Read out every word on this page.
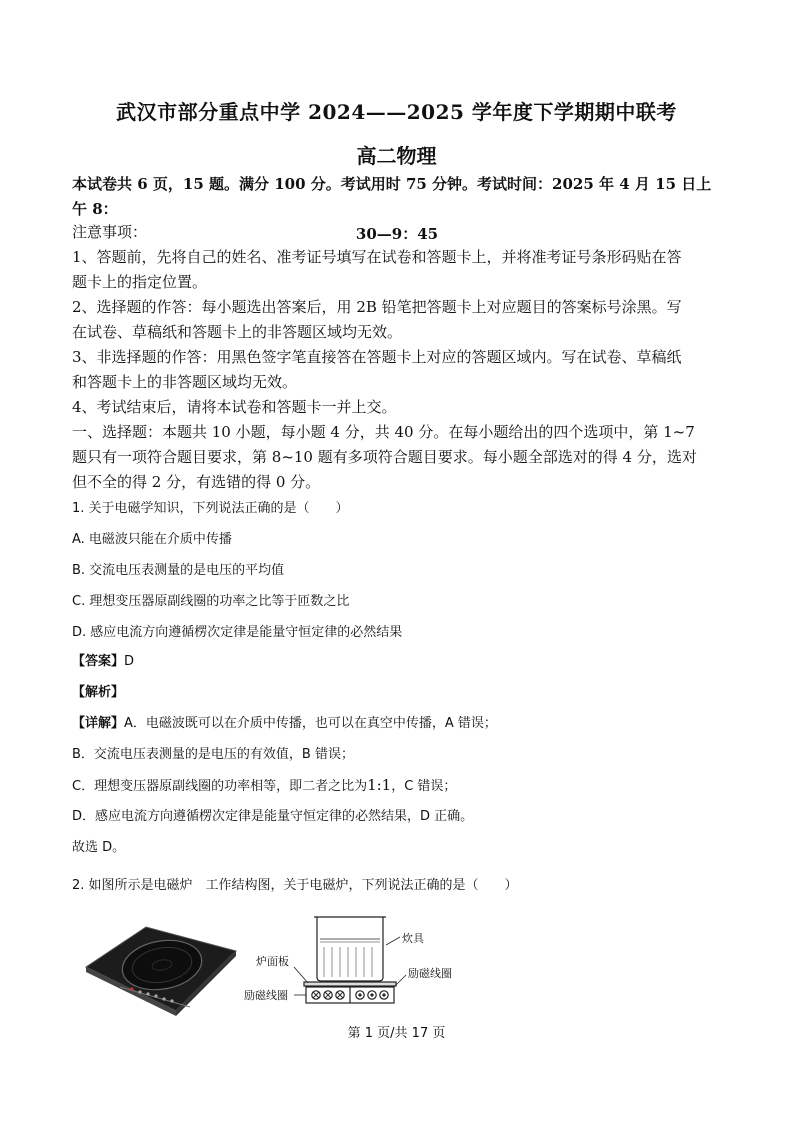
武汉市部分重点中学 2024——2025 学年度下学期期中联考
高二物理

本试卷共 6 页，15 题。满分 100 分。考试用时 75 分钟。考试时间：2025 年 4 月 15 日上午 8：

30—9：45

注意事项：

1、答题前，先将自己的姓名、准考证号填写在试卷和答题卡上，并将准考证号条形码贴在答

题卡上的指定位置。

2、选择题的作答：每小题选出答案后，用 2B 铅笔把答题卡上对应题目的答案标号涂黑。写

在试卷、草稿纸和答题卡上的非答题区域均无效。

3、非选择题的作答：用黑色签字笔直接答在答题卡上对应的答题区域内。写在试卷、草稿纸

和答题卡上的非答题区域均无效。

4、考试结束后，请将本试卷和答题卡一并上交。

一、选择题：本题共 10 小题，每小题 4 分，共 40 分。在每小题给出的四个选项中，第 1~7

题只有一项符合题目要求，第 8~10 题有多项符合题目要求。每小题全部选对的得 4 分，选对

但不全的得 2 分，有选错的得 0 分。

1. 关于电磁学知识，下列说法正确的是（　　）

A. 电磁波只能在介质中传播

B. 交流电压表测量的是电压的平均值

C. 理想变压器原副线圈的功率之比等于匝数之比

D. 感应电流方向遵循楞次定律是能量守恒定律的必然结果

【答案】D

【解析】

【详解】A．电磁波既可以在介质中传播，也可以在真空中传播，A 错误；

B．交流电压表测量的是电压的有效值，B 错误；

C．理想变压器原副线圈的功率相等，即二者之比为1:1，C 错误；

D．感应电流方向遵循楞次定律是能量守恒定律的必然结果，D 正确。

故选 D。

2. 如图所示是电磁炉　工作结构图，关于电磁炉，下列说法正确的是（　　）

炊具
炉面板
励磁线圈
励磁线圈
第 1 页/共 17 页
